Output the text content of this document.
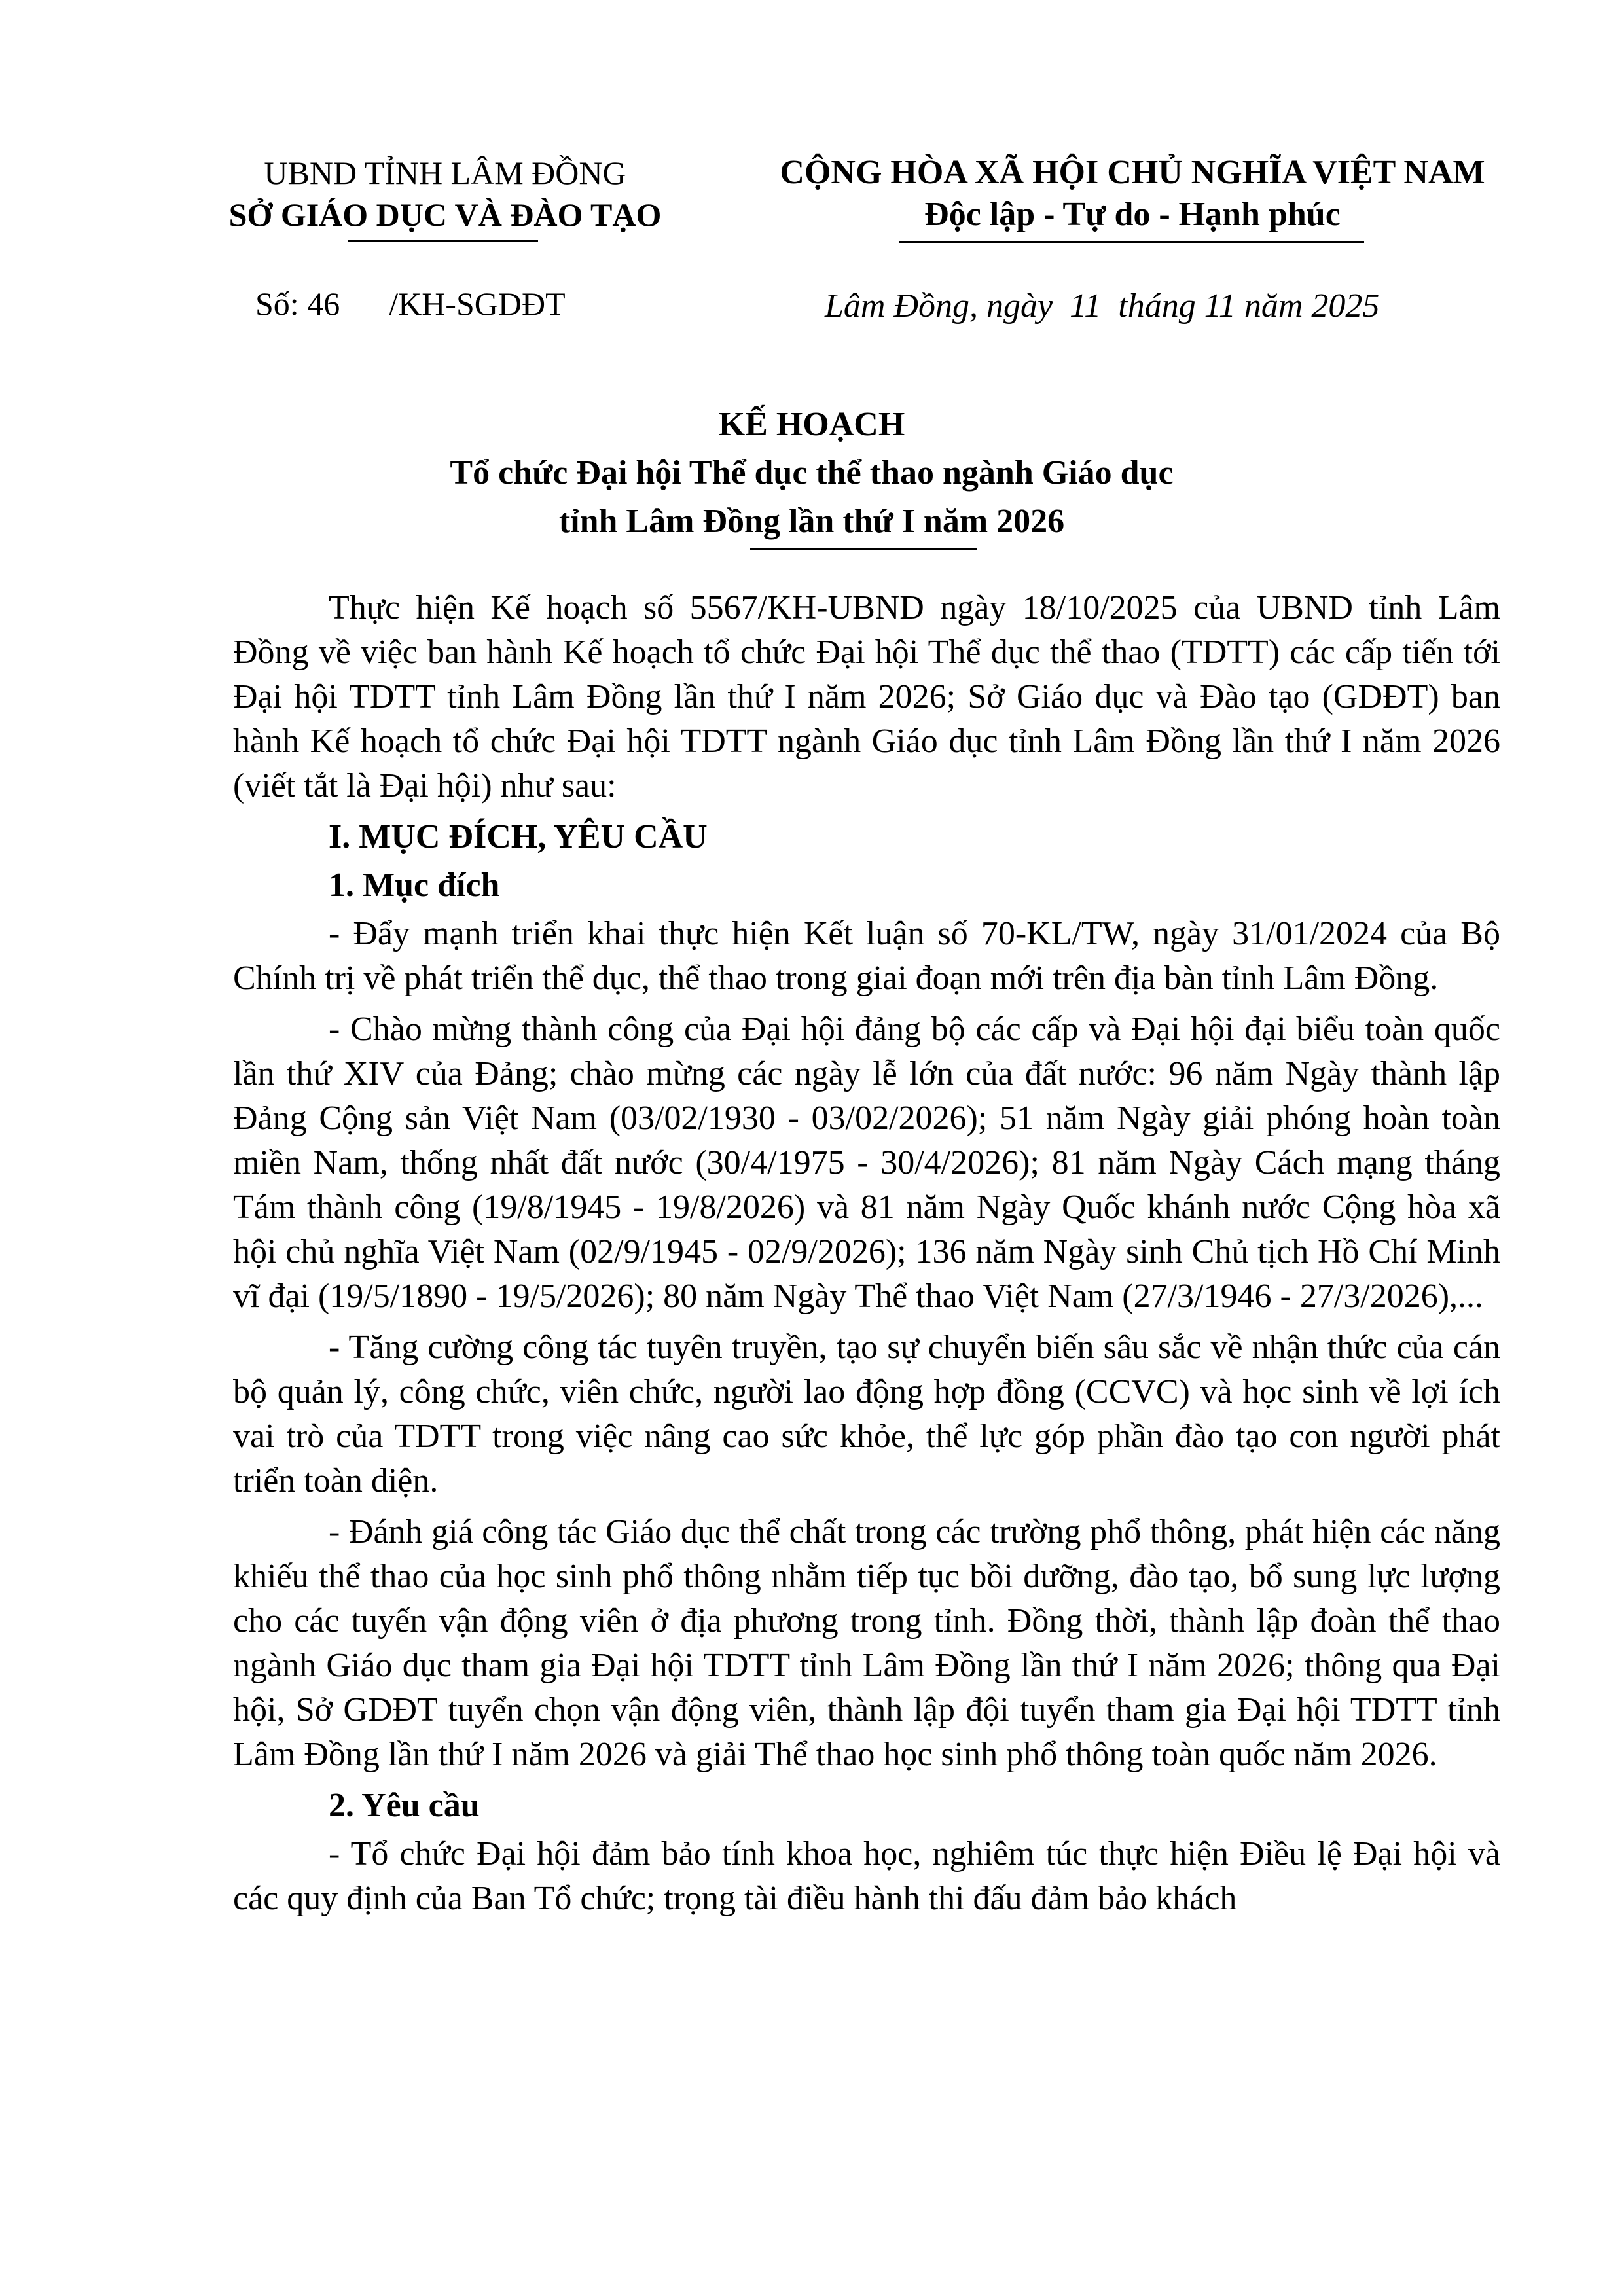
UBND TỈNH LÂM ĐỒNG
SỞ GIÁO DỤC VÀ ĐÀO TẠO
CỘNG HÒA XÃ HỘI CHỦ NGHĨA VIỆT NAM
Độc lập - Tự do - Hạnh phúc
Số: 46      /KH-SGDĐT	Lâm Đồng, ngày  11  tháng 11 năm 2025
KẾ HOẠCH
Tổ chức Đại hội Thể dục thể thao ngành Giáo dục
tỉnh Lâm Đồng lần thứ I năm 2026

Thực hiện Kế hoạch số 5567/KH-UBND ngày 18/10/2025 của UBND tỉnh Lâm Đồng về việc ban hành Kế hoạch tổ chức Đại hội Thể dục thể thao (TDTT) các cấp tiến tới Đại hội TDTT tỉnh Lâm Đồng lần thứ I năm 2026; Sở Giáo dục và Đào tạo (GDĐT) ban hành Kế hoạch tổ chức Đại hội TDTT ngành Giáo dục tỉnh Lâm Đồng lần thứ I năm 2026 (viết tắt là Đại hội) như sau:

I. MỤC ĐÍCH, YÊU CẦU
1. Mục đích

- Đẩy mạnh triển khai thực hiện Kết luận số 70-KL/TW, ngày 31/01/2024 của Bộ Chính trị về phát triển thể dục, thể thao trong giai đoạn mới trên địa bàn tỉnh Lâm Đồng.

- Chào mừng thành công của Đại hội đảng bộ các cấp và Đại hội đại biểu toàn quốc lần thứ XIV của Đảng; chào mừng các ngày lễ lớn của đất nước: 96 năm Ngày thành lập Đảng Cộng sản Việt Nam (03/02/1930 - 03/02/2026); 51 năm Ngày giải phóng hoàn toàn miền Nam, thống nhất đất nước (30/4/1975 - 30/4/2026); 81 năm Ngày Cách mạng tháng Tám thành công (19/8/1945 - 19/8/2026) và 81 năm Ngày Quốc khánh nước Cộng hòa xã hội chủ nghĩa Việt Nam (02/9/1945 - 02/9/2026); 136 năm Ngày sinh Chủ tịch Hồ Chí Minh vĩ đại (19/5/1890 - 19/5/2026); 80 năm Ngày Thể thao Việt Nam (27/3/1946 - 27/3/2026),...

- Tăng cường công tác tuyên truyền, tạo sự chuyển biến sâu sắc về nhận thức của cán bộ quản lý, công chức, viên chức, người lao động hợp đồng (CCVC) và học sinh về lợi ích vai trò của TDTT trong việc nâng cao sức khỏe, thể lực góp phần đào tạo con người phát triển toàn diện.

- Đánh giá công tác Giáo dục thể chất trong các trường phổ thông, phát hiện các năng khiếu thể thao của học sinh phổ thông nhằm tiếp tục bồi dưỡng, đào tạo, bổ sung lực lượng cho các tuyến vận động viên ở địa phương trong tỉnh. Đồng thời, thành lập đoàn thể thao ngành Giáo dục tham gia Đại hội TDTT tỉnh Lâm Đồng lần thứ I năm 2026; thông qua Đại hội, Sở GDĐT tuyển chọn vận động viên, thành lập đội tuyển tham gia Đại hội TDTT tỉnh Lâm Đồng lần thứ I năm 2026 và giải Thể thao học sinh phổ thông toàn quốc năm 2026.

2. Yêu cầu

- Tổ chức Đại hội đảm bảo tính khoa học, nghiêm túc thực hiện Điều lệ Đại hội và các quy định của Ban Tổ chức; trọng tài điều hành thi đấu đảm bảo khách
